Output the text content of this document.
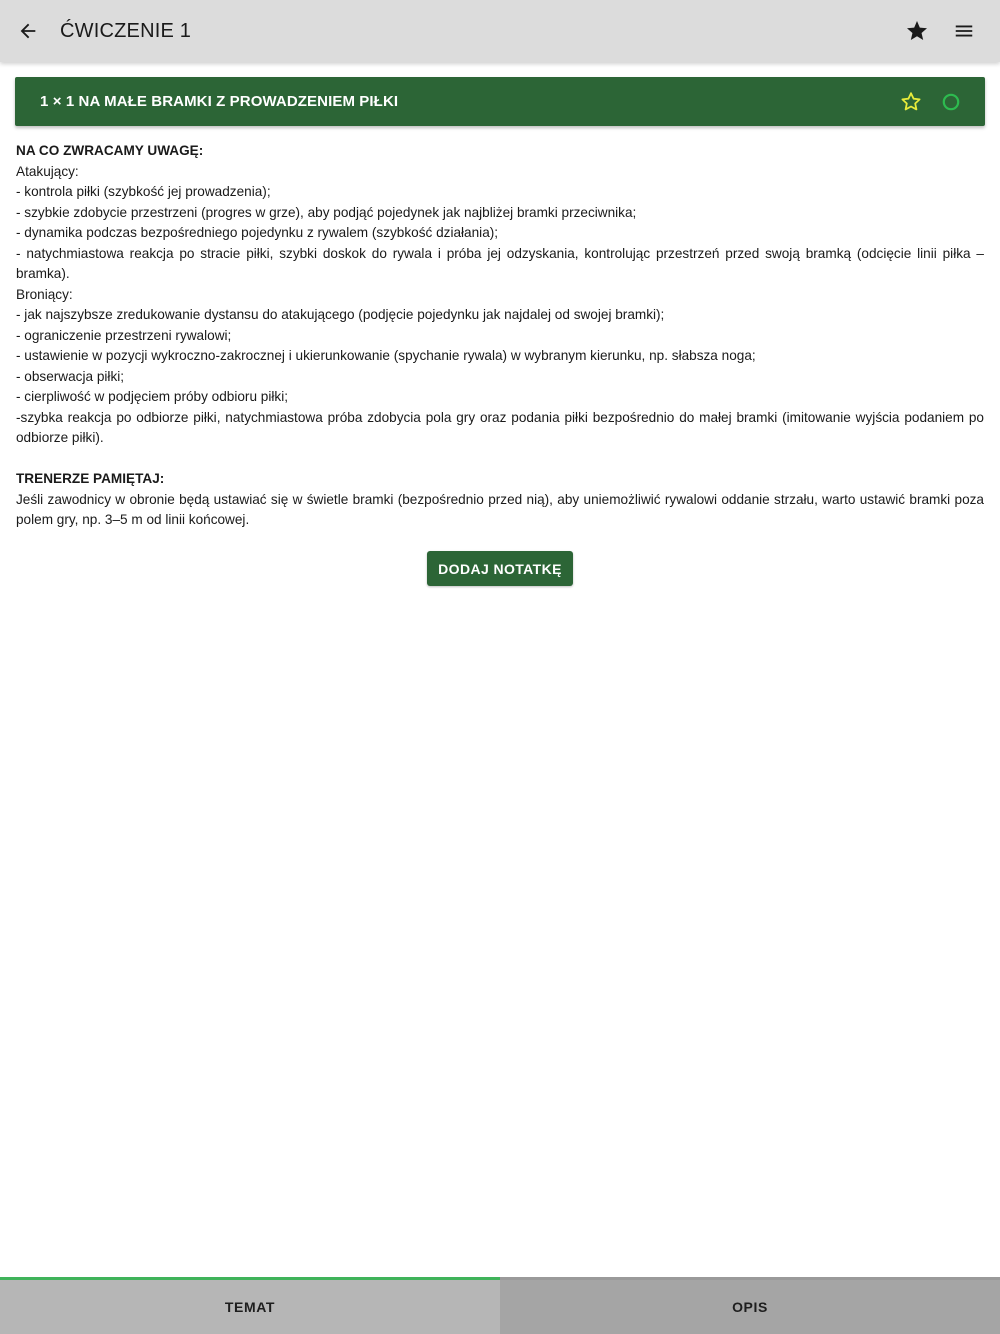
ĆWICZENIE 1
1 × 1 NA MAŁE BRAMKI Z PROWADZENIEM PIŁKI

NA CO ZWRACAMY UWAGĘ:

Atakujący:

- kontrola piłki (szybkość jej prowadzenia);

- szybkie zdobycie przestrzeni (progres w grze), aby podjąć pojedynek jak najbliżej bramki przeciwnika;

- dynamika podczas bezpośredniego pojedynku z rywalem (szybkość działania);

- natychmiastowa reakcja po stracie piłki, szybki doskok do rywala i próba jej odzyskania, kontrolując przestrzeń przed swoją bramką (odcięcie linii piłka – bramka).

Broniący:

- jak najszybsze zredukowanie dystansu do atakującego (podjęcie pojedynku jak najdalej od swojej bramki);

- ograniczenie przestrzeni rywalowi;

- ustawienie w pozycji wykroczno-zakrocznej i ukierunkowanie (spychanie rywala) w wybranym kierunku, np. słabsza noga;

- obserwacja piłki;

- cierpliwość w podjęciem próby odbioru piłki;

-szybka reakcja po odbiorze piłki, natychmiastowa próba zdobycia pola gry oraz podania piłki bezpośrednio do małej bramki (imitowanie wyjścia podaniem po odbiorze piłki).

TRENERZE PAMIĘTAJ:

Jeśli zawodnicy w obronie będą ustawiać się w świetle bramki (bezpośrednio przed nią), aby uniemożliwić rywalowi oddanie strzału, warto ustawić bramki poza polem gry, np. 3–5 m od linii końcowej.

DODAJ NOTATKĘ
TEMAT	OPIS
